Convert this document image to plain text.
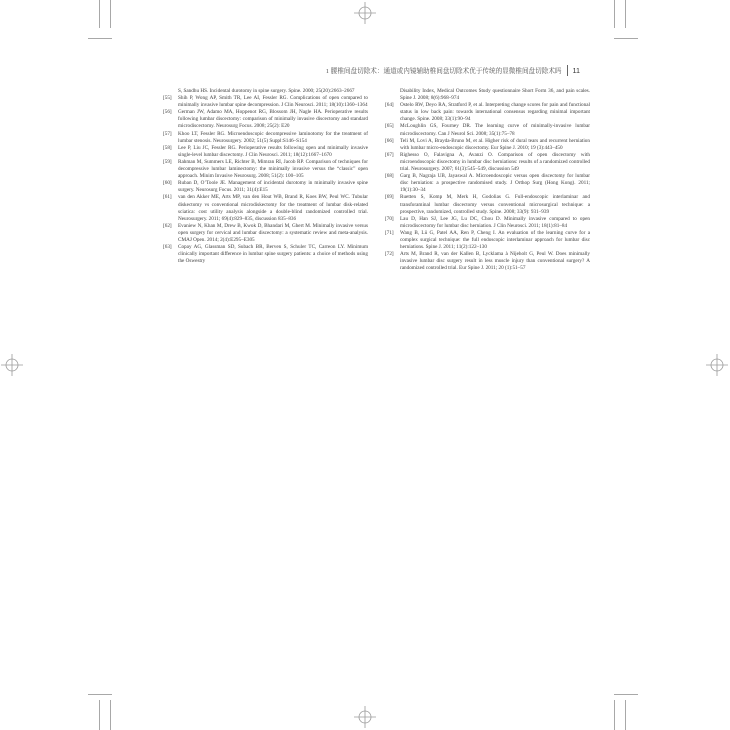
1 腰椎间盘切除术：通道或内镜辅助椎间盘切除术优于传统的显微椎间盘切除术吗 11
S, Sandhu HS. Incidental durotomy in spine surgery. Spine. 2000; 25(20):2663–2667
[55]	Shih P, Wong AP, Smith TR, Lee AI, Fessler RG. Complications of open compared to minimally invasive lumbar spine decompression. J Clin Neurosci. 2011; 18(10):1360–1364
[56]	German JW, Adamo MA, Hoppenot RG, Blossom JH, Nagle HA. Perioperative results following lumbar discectomy: comparison of minimally invasive discectomy and standard microdiscectomy. Neurosurg Focus. 2008; 25(2): E20
[57]	Khoo LT, Fessler RG. Microendoscopic decompressive laminotomy for the treatment of lumbar stenosis. Neurosurgery. 2002; 51(5) Suppl:S146–S154
[58]	Lee P, Liu JC, Fessler RG. Perioperative results following open and minimally invasive single-level lumbar discectomy. J Clin Neurosci. 2011; 18(12):1667–1670
[59]	Rahman M, Summers LE, Richter B, Mimran RI, Jacob RP. Comparison of techniques for decompressive lumbar laminectomy: the minimally invasive versus the “classic” open approach. Minim Invasive Neurosurg. 2008; 51(2): 100–105
[60]	Ruban D, O’Toole JE. Management of incidental durotomy in minimally invasive spine surgery. Neurosurg Focus. 2011; 31(4):E15
[61]	van den Akker ME, Arts MP, van den Hout WB, Brand R, Koes BW, Peul WC. Tubular diskectomy vs conventional microdiskectomy for the treatment of lumbar disk-related sciatica: cost utility analysis alongside a double-blind randomized controlled trial. Neurosurgery. 2011; 69(4):829–835, discussion 835–836
[62]	Evaniew N, Khan M, Drew B, Kwok D, Bhandari M, Ghert M. Minimally invasive versus open surgery for cervical and lumbar discectomy: a systematic review and meta-analysis. CMAJ Open. 2014; 2(4):E295–E305
[63]	Copay AG, Glassman SD, Subach BR, Berven S, Schuler TC, Carreon LY. Minimum clinically important difference in lumbar spine surgery patients: a choice of methods using the Oswestry
Disability Index, Medical Outcomes Study questionnaire Short Form 36, and pain scales. Spine J. 2008; 8(6):968–974
[64]	Ostelo RW, Deyo RA, Stratford P, et al. Interpreting change scores for pain and functional status in low back pain: towards international consensus regarding minimal important change. Spine. 2008; 33(1):90–94
[65]	McLoughlin GS, Fourney DR. The learning curve of minimally-invasive lumbar microdiscectomy. Can J Neurol Sci. 2008; 35(1):75–78
[66]	Teli M, Lovi A, Brayda-Bruno M, et al. Higher risk of dural tears and recurrent herniation with lumbar micro-endoscopic discectomy. Eur Spine J. 2010; 19 (3):443–450
[67]	Righesso O, Falavigna A, Avanzi O. Comparison of open discectomy with microendoscopic discectomy in lumbar disc herniations: results of a randomized controlled trial. Neurosurgery. 2007; 61(3):545–549, discussion 549
[68]	Garg B, Nagraja UB, Jayaswal A. Microendoscopic versus open discectomy for lumbar disc herniation: a prospective randomised study. J Orthop Surg (Hong Kong). 2011; 19(1):30–34
[69]	Ruetten S, Komp M, Merk H, Godolias G. Full-endoscopic interlaminar and transforaminal lumbar discectomy versus conventional microsurgical technique: a prospective, randomized, controlled study. Spine. 2008; 33(9): 931–939
[70]	Lau D, Han SJ, Lee JG, Lu DC, Chou D. Minimally invasive compared to open microdiscectomy for lumbar disc herniation. J Clin Neurosci. 2011; 18(1):81–84
[71]	Wang B, Lü G, Patel AA, Ren P, Cheng I. An evaluation of the learning curve for a complex surgical technique: the full endoscopic interlaminar approach for lumbar disc herniations. Spine J. 2011; 11(2):122–130
[72]	Arts M, Brand R, van der Kallen B, Lycklama à Nijeholt G, Peul W. Does minimally invasive lumbar disc surgery result in less muscle injury than conventional surgery? A randomized controlled trial. Eur Spine J. 2011; 20 (1):51–57
